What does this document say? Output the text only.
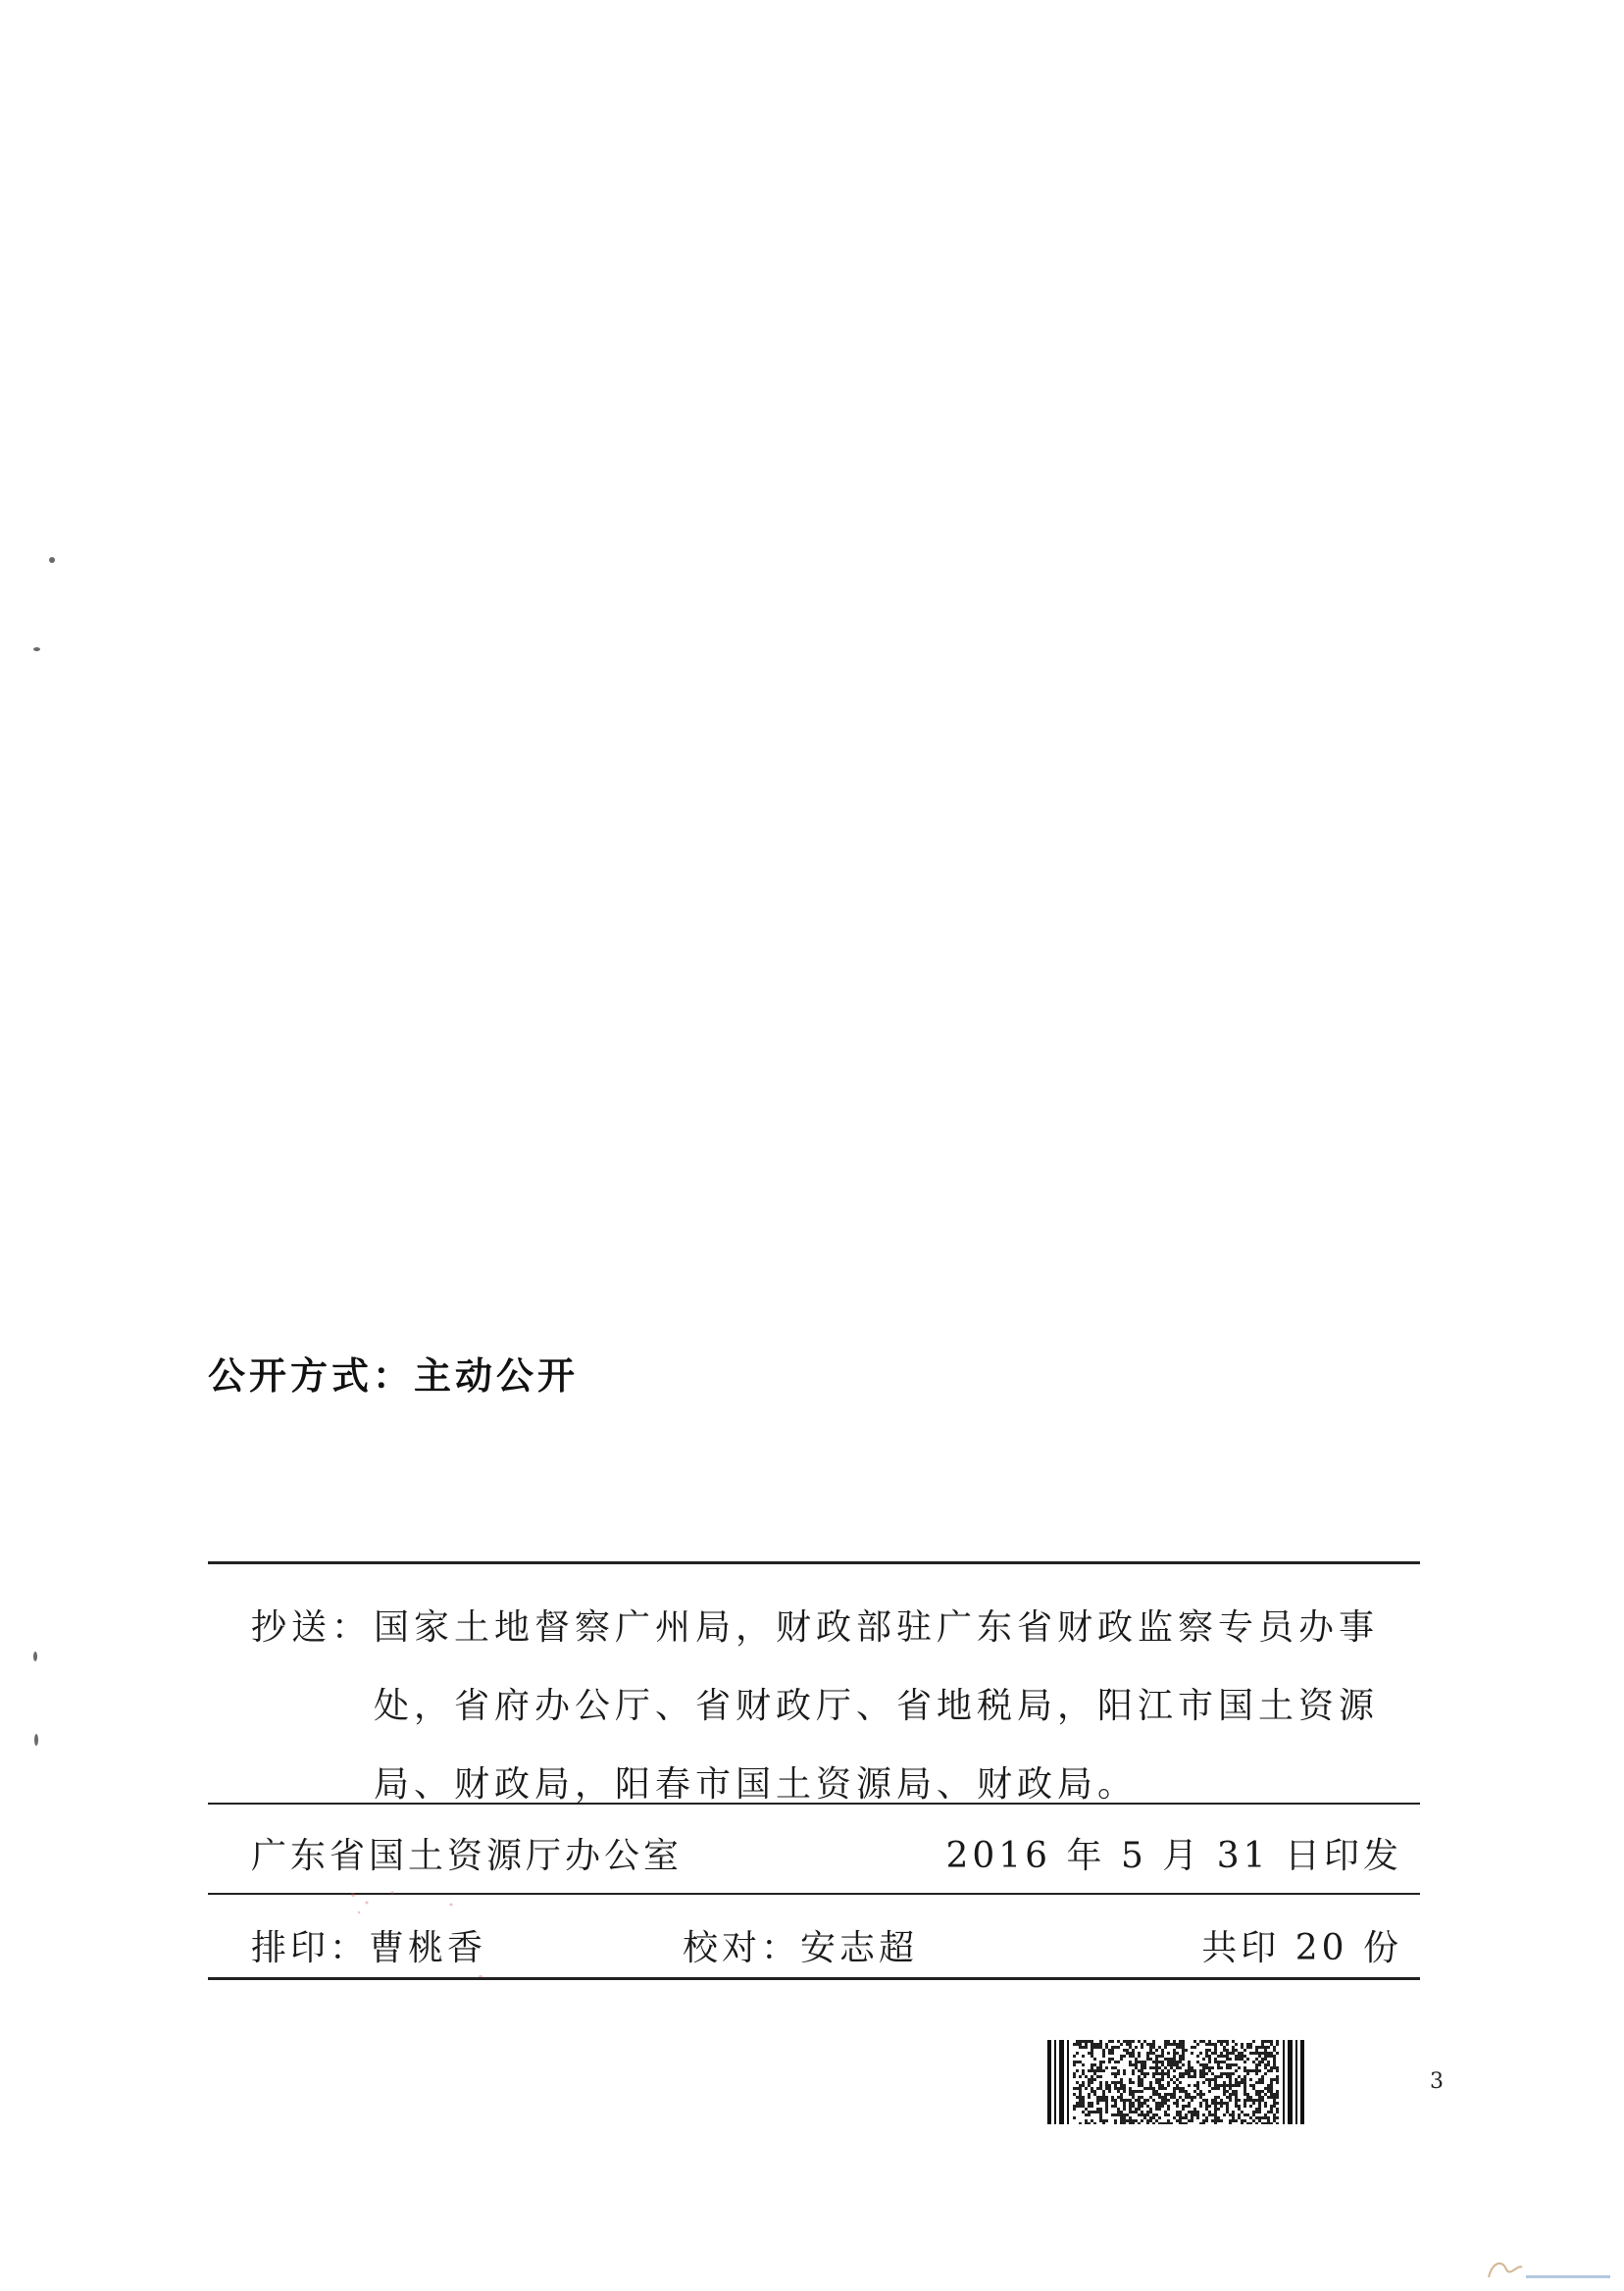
公开方式：主动公开
抄送： 国家土地督察广州局，财政部驻广东省财政监察专员办事
处，省府办公厅、省财政厅、省地税局，阳江市国土资源
局、财政局，阳春市国土资源局、财政局。
广东省国土资源厅办公室	2016 年 5 月 31 日印发
排印：曹桃香	校对：安志超	共印 20 份
3
